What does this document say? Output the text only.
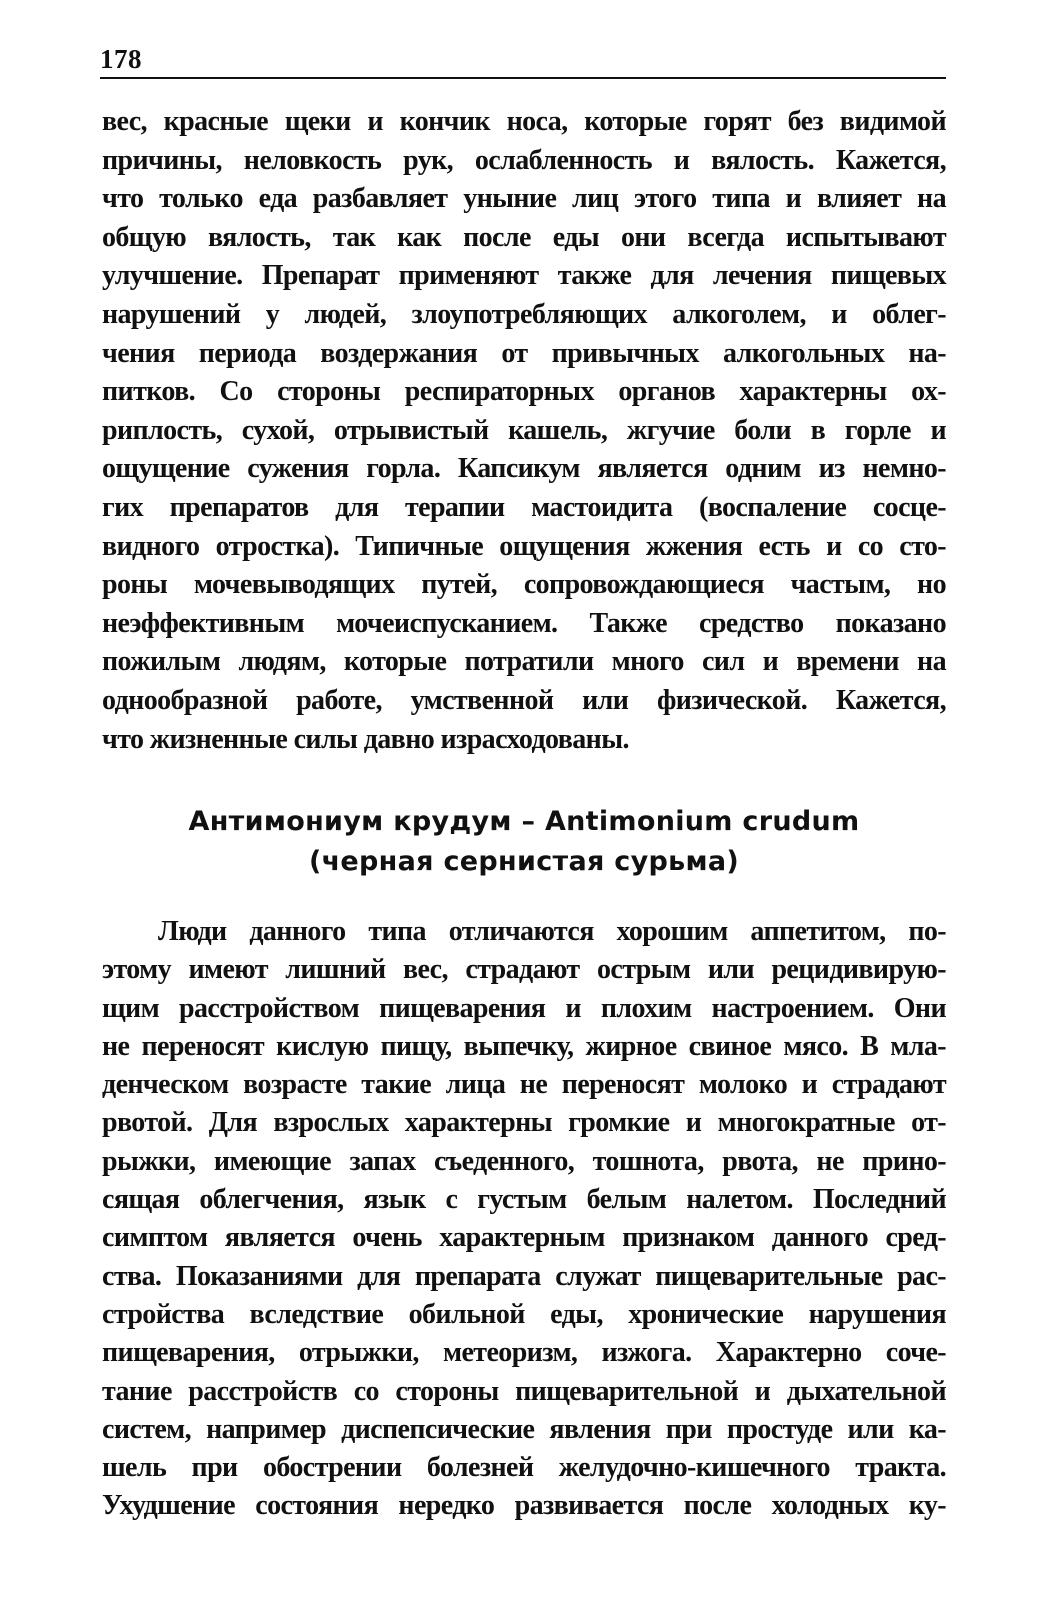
178
вес, красные щеки и кончик носа, которые горят без видимой
причины, неловкость рук, ослабленность и вялость. Кажется,
что только еда разбавляет уныние лиц этого типа и влияет на
общую вялость, так как после еды они всегда испытывают
улучшение. Препарат применяют также для лечения пищевых
нарушений у людей, злоупотребляющих алкоголем, и облег-
чения периода воздержания от привычных алкогольных на-
питков. Со стороны респираторных органов характерны ох-
риплость, сухой, отрывистый кашель, жгучие боли в горле и
ощущение сужения горла. Капсикум является одним из немно-
гих препаратов для терапии мастоидита (воспаление сосце-
видного отростка). Типичные ощущения жжения есть и со сто-
роны мочевыводящих путей, сопровождающиеся частым, но
неэффективным мочеиспусканием. Также средство показано
пожилым людям, которые потратили много сил и времени на
однообразной работе, умственной или физической. Кажется,
что жизненные силы давно израсходованы.
Антимониум крудум – Antimonium crudum
(черная сернистая сурьма)
Люди данного типа отличаются хорошим аппетитом, по-
этому имеют лишний вес, страдают острым или рецидивирую-
щим расстройством пищеварения и плохим настроением. Они
не переносят кислую пищу, выпечку, жирное свиное мясо. В мла-
денческом возрасте такие лица не переносят молоко и страдают
рвотой. Для взрослых характерны громкие и многократные от-
рыжки, имеющие запах съеденного, тошнота, рвота, не прино-
сящая облегчения, язык с густым белым налетом. Последний
симптом является очень характерным признаком данного сред-
ства. Показаниями для препарата служат пищеварительные рас-
стройства вследствие обильной еды, хронические нарушения
пищеварения, отрыжки, метеоризм, изжога. Характерно соче-
тание расстройств со стороны пищеварительной и дыхательной
систем, например диспепсические явления при простуде или ка-
шель при обострении болезней желудочно-кишечного тракта.
Ухудшение состояния нередко развивается после холодных ку-
